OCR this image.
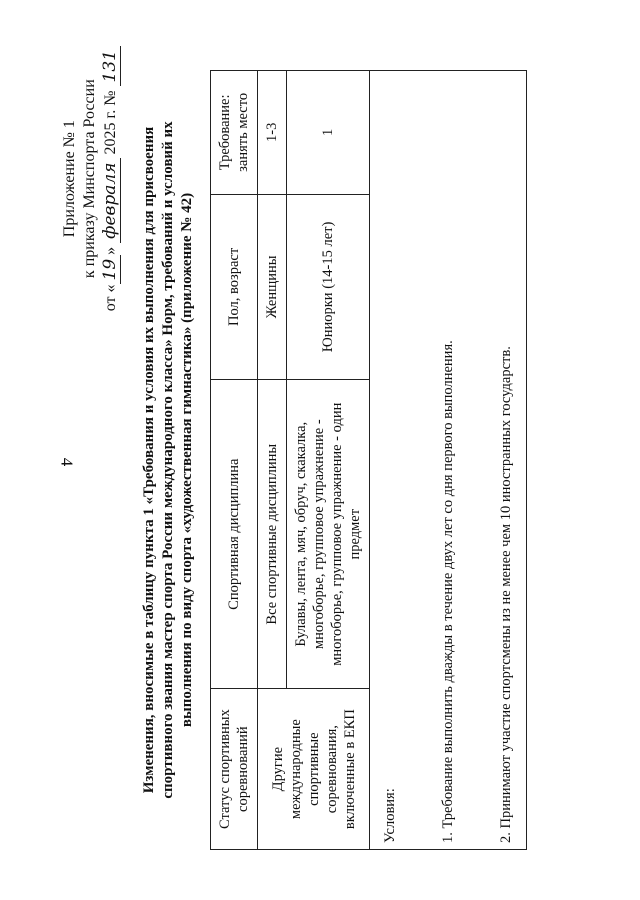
4
Приложение № 1 к приказу Минспорта России
от «19» февраля 2025 г. № 131
Изменения, вносимые в таблицу пункта 1 «Требования и условия их выполнения для присвоения спортивного звания мастер спорта России международного класса» Норм, требований и условий их выполнения по виду спорта «художественная гимнастика» (приложение № 42)
Статус спортивных соревнований	Спортивная дисциплина	Пол, возраст	Требование: занять место
Другие международные спортивные соревнования, включенные в ЕКП	Все спортивные дисциплины	Женщины	1-3
	Булавы, лента, мяч, обруч, скакалка, многоборье, групповое упражнение - многоборье, групповое упражнение - один предмет	Юниорки (14-15 лет)	1

Условия: 1. Требование выполнить дважды в течение двух лет со дня первого выполнения. 2. Принимают участие спортсмены из не менее чем 10 иностранных государств.			
